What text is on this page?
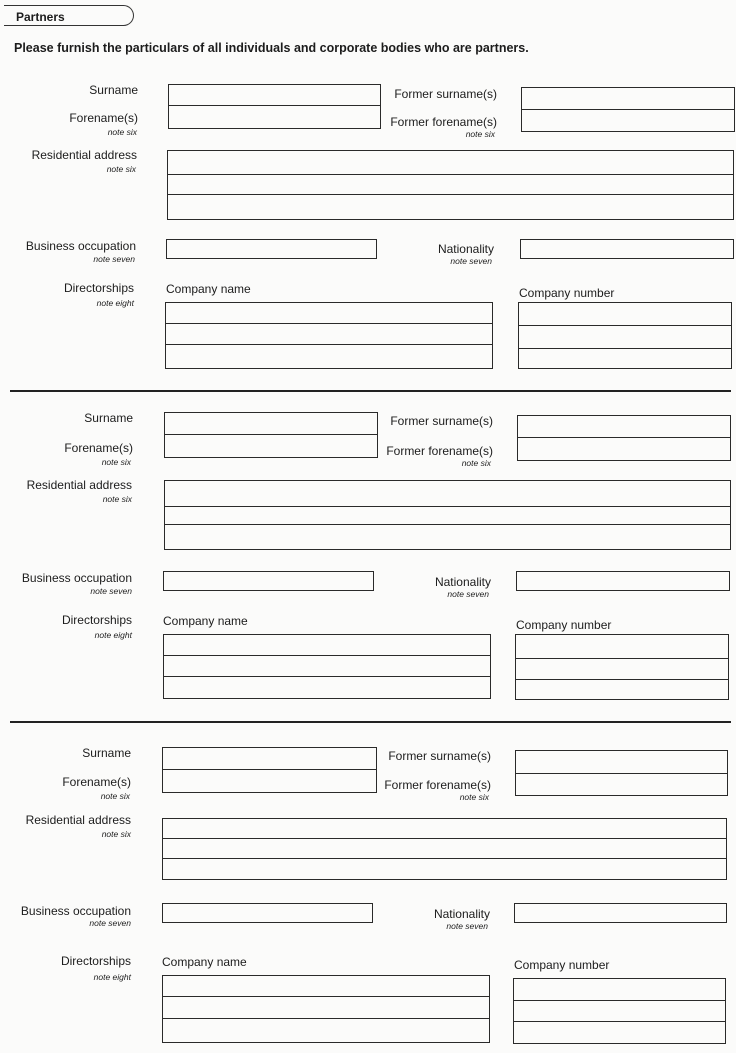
Partners
Please furnish the particulars of all individuals and corporate bodies who are partners.
Surname
Forename(s)
note six
Former surname(s)
Former forename(s)
note six
Residential address
note six
Business occupation
note seven
Nationality
note seven
Directorships
note eight
Company name	Company number
Surname
Forename(s)
note six
Former surname(s)
Former forename(s)
note six
Residential address
note six
Business occupation
note seven
Nationality
note seven
Directorships
note eight
Company name	Company number
Surname
Forename(s)
note six
Former surname(s)
Former forename(s)
note six
Residential address
note six
Business occupation
note seven
Nationality
note seven
Directorships
note eight
Company name	Company number
